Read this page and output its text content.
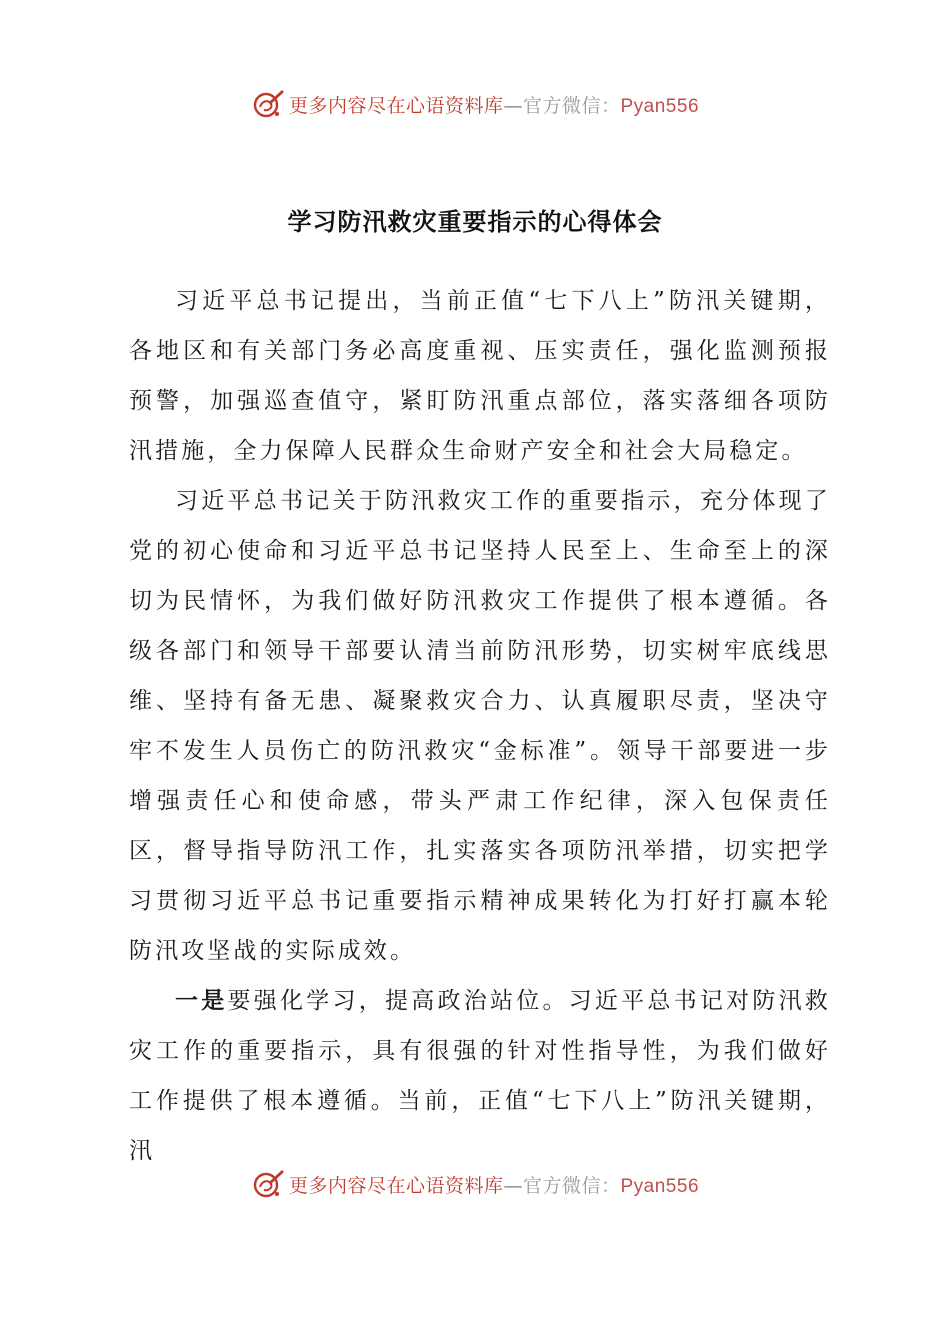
更多内容尽在心语资料库—官方微信：Pyan556
学习防汛救灾重要指示的心得体会

习近平总书记提出，当前正值“七下八上”防汛关键期，各地区和有关部门务必高度重视、压实责任，强化监测预报预警，加强巡查值守，紧盯防汛重点部位，落实落细各项防汛措施，全力保障人民群众生命财产安全和社会大局稳定。

习近平总书记关于防汛救灾工作的重要指示，充分体现了党的初心使命和习近平总书记坚持人民至上、生命至上的深切为民情怀，为我们做好防汛救灾工作提供了根本遵循。各级各部门和领导干部要认清当前防汛形势，切实树牢底线思维、坚持有备无患、凝聚救灾合力、认真履职尽责，坚决守牢不发生人员伤亡的防汛救灾“金标准”。领导干部要进一步增强责任心和使命感，带头严肃工作纪律，深入包保责任区，督导指导防汛工作，扎实落实各项防汛举措，切实把学习贯彻习近平总书记重要指示精神成果转化为打好打赢本轮防汛攻坚战的实际成效。

一是要强化学习，提高政治站位。习近平总书记对防汛救灾工作的重要指示，具有很强的针对性指导性，为我们做好工作提供了根本遵循。当前，正值“七下八上”防汛关键期，汛

更多内容尽在心语资料库—官方微信：Pyan556
